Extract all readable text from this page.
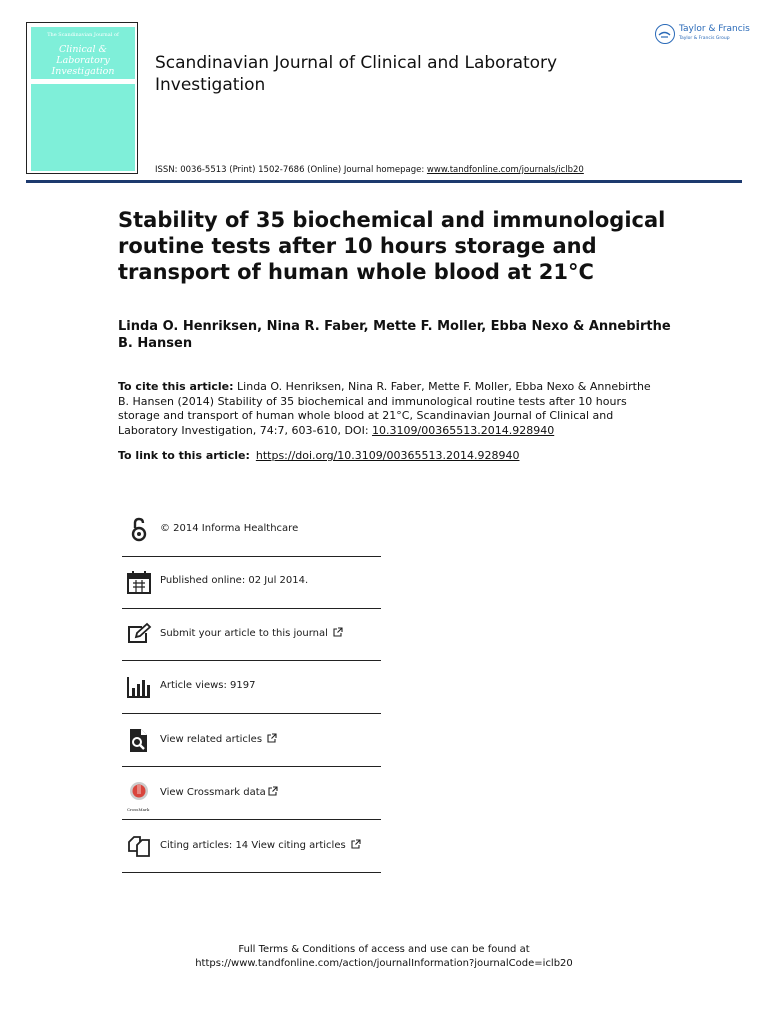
The Scandinavian Journal of
Clinical & Laboratory
Investigation	Scandinavian Journal of Clinical and Laboratory Investigation
ISSN: 0036-5513 (Print) 1502-7686 (Online) Journal homepage: www.tandfonline.com/journals/iclb20
Taylor & Francis
Taylor & Francis Group
Stability of 35 biochemical and immunological routine tests after 10 hours storage and transport of human whole blood at 21°C
Linda O. Henriksen, Nina R. Faber, Mette F. Moller, Ebba Nexo & Annebirthe B. Hansen
To cite this article: Linda O. Henriksen, Nina R. Faber, Mette F. Moller, Ebba Nexo & Annebirthe B. Hansen (2014) Stability of 35 biochemical and immunological routine tests after 10 hours storage and transport of human whole blood at 21°C, Scandinavian Journal of Clinical and Laboratory Investigation, 74:7, 603-610, DOI: 10.3109/00365513.2014.928940
To link to this article: https://doi.org/10.3109/00365513.2014.928940
© 2014 Informa Healthcare
Published online: 02 Jul 2014.
Submit your article to this journal
Article views: 9197
View related articles
CrossMark
View Crossmark data
Citing articles: 14 View citing articles
Full Terms & Conditions of access and use can be found at
https://www.tandfonline.com/action/journalInformation?journalCode=iclb20
